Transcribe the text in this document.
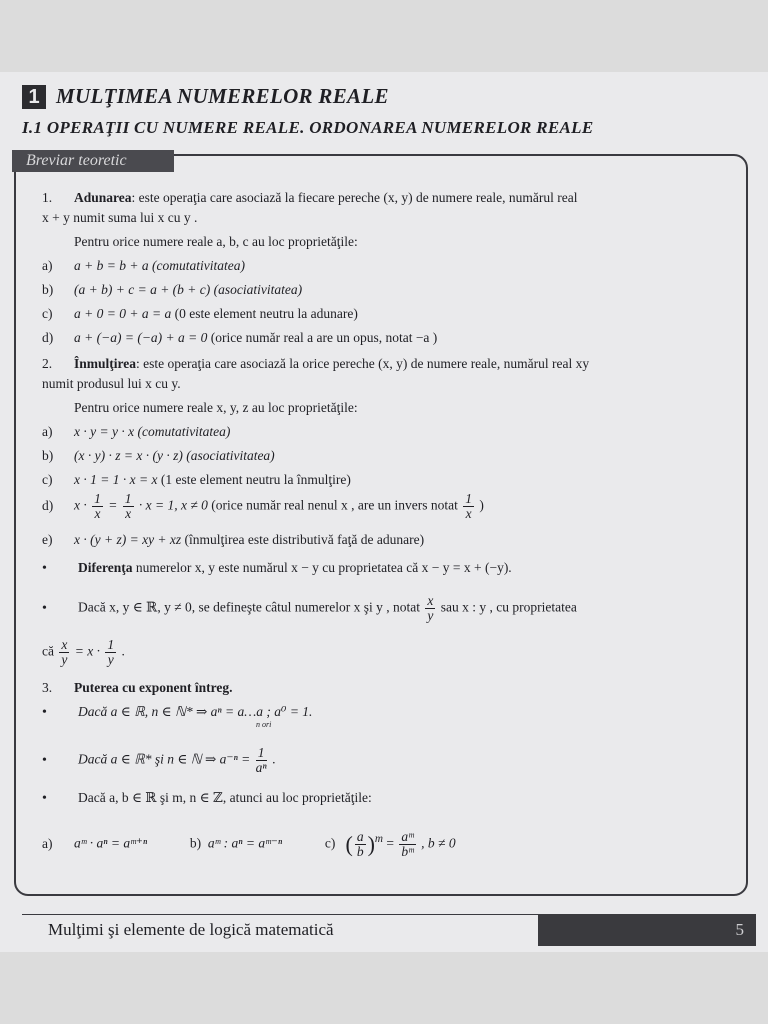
1 MULŢIMEA NUMERELOR REALE
I.1 OPERAŢII CU NUMERE REALE. ORDONAREA NUMERELOR REALE
Breviar teoretic
1. Adunarea: este operaţia care asociază la fiecare pereche (x, y) de numere reale, numărul real
x + y numit suma lui x cu y .
Pentru orice numere reale a, b, c au loc proprietăţile:
a) a + b = b + a (comutativitatea)
b) (a + b) + c = a + (b + c) (asociativitatea)
c) a + 0 = 0 + a = a (0 este element neutru la adunare)
d) a + (−a) = (−a) + a = 0 (orice număr real a are un opus, notat −a )
2. Înmulţirea: este operaţia care asociază la orice pereche (x, y) de numere reale, numărul real xy
numit produsul lui x cu y.
Pentru orice numere reale x, y, z au loc proprietăţile:
a) x · y = y · x (comutativitatea)
b) (x · y) · z = x · (y · z) (asociativitatea)
c) x · 1 = 1 · x = x (1 este element neutru la înmulţire)
d) $x \cdot \frac{1}{x} = \frac{1}{x} \cdot x = 1$, x ≠ 0 (orice număr real nenul x , are un invers notat $\frac{1}{x}$ )
e) x · (y + z) = xy + xz (înmulţirea este distributivă faţă de adunare)
• Diferenţa numerelor x, y este numărul x − y cu proprietatea că x − y = x + (−y).
• Dacă x, y ∈ ℝ, y ≠ 0, se defineşte câtul numerelor x şi y , notat $\frac{x}{y}$ sau x : y , cu proprietatea
că $\frac{x}{y} = x \cdot \frac{1}{y}$ .
3. Puterea cu exponent întreg.
• Dacă a ∈ ℝ, n ∈ ℕ* ⇒ aⁿ = a…a ; a⁰ = 1.
n ori
• Dacă a ∈ ℝ* şi n ∈ ℕ ⇒ $a^{-n} = \frac{1}{\text{aⁿ}}$ .
• Dacă a, b ∈ ℝ şi m, n ∈ ℤ, atunci au loc proprietăţile:
a) aᵐ · aⁿ = aᵐ⁺ⁿ	b) aᵐ : aⁿ = aᵐ⁻ⁿ	c) ( $\frac{a}{b} )^m = \frac{\text{aᵐ}}{\text{bᵐ}}$ , b ≠ 0
Mulţimi şi elemente de logică matematică	5
